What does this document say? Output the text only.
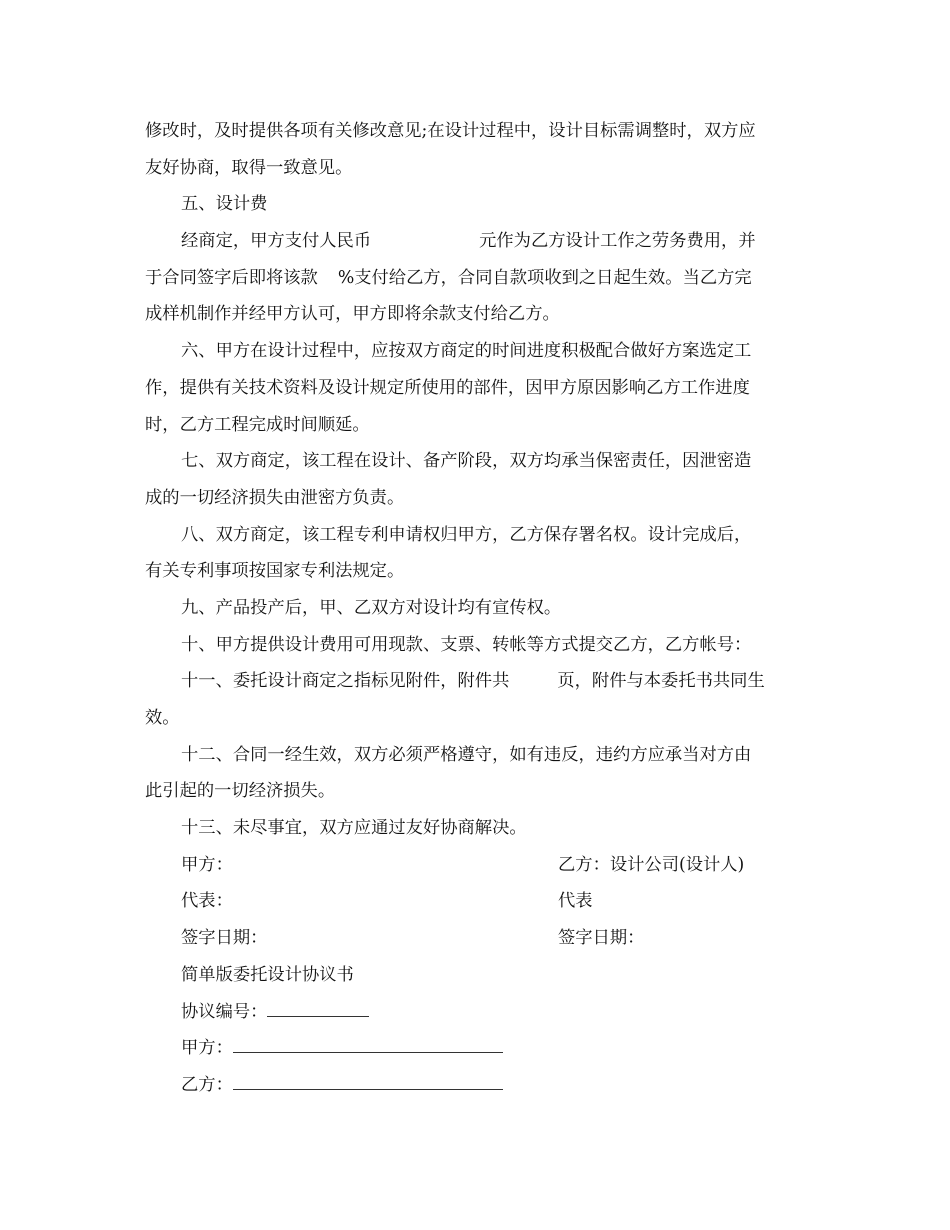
修改时，及时提供各项有关修改意见;在设计过程中，设计目标需调整时，双方应
友好协商，取得一致意见。
五、设计费
经商定，甲方支付人民币	元作为乙方设计工作之劳务费用，并
于合同签字后即将该款 %支付给乙方，合同自款项收到之日起生效。当乙方完
成样机制作并经甲方认可，甲方即将余款支付给乙方。
六、甲方在设计过程中，应按双方商定的时间进度积极配合做好方案选定工
作，提供有关技术资料及设计规定所使用的部件，因甲方原因影响乙方工作进度
时，乙方工程完成时间顺延。
七、双方商定，该工程在设计、备产阶段，双方均承当保密责任，因泄密造
成的一切经济损失由泄密方负责。
八、双方商定，该工程专利申请权归甲方，乙方保存署名权。设计完成后，
有关专利事项按国家专利法规定。
九、产品投产后，甲、乙双方对设计均有宣传权。
十、甲方提供设计费用可用现款、支票、转帐等方式提交乙方，乙方帐号：
十一、委托设计商定之指标见附件，附件共	页，附件与本委托书共同生
效。
十二、合同一经生效，双方必须严格遵守，如有违反，违约方应承当对方由
此引起的一切经济损失。
十三、未尽事宜，双方应通过友好协商解决。
甲方：	乙方：设计公司(设计人)
代表：	代表
签字日期：	签字日期：
简单版委托设计协议书
协议编号：
甲方：
乙方：
